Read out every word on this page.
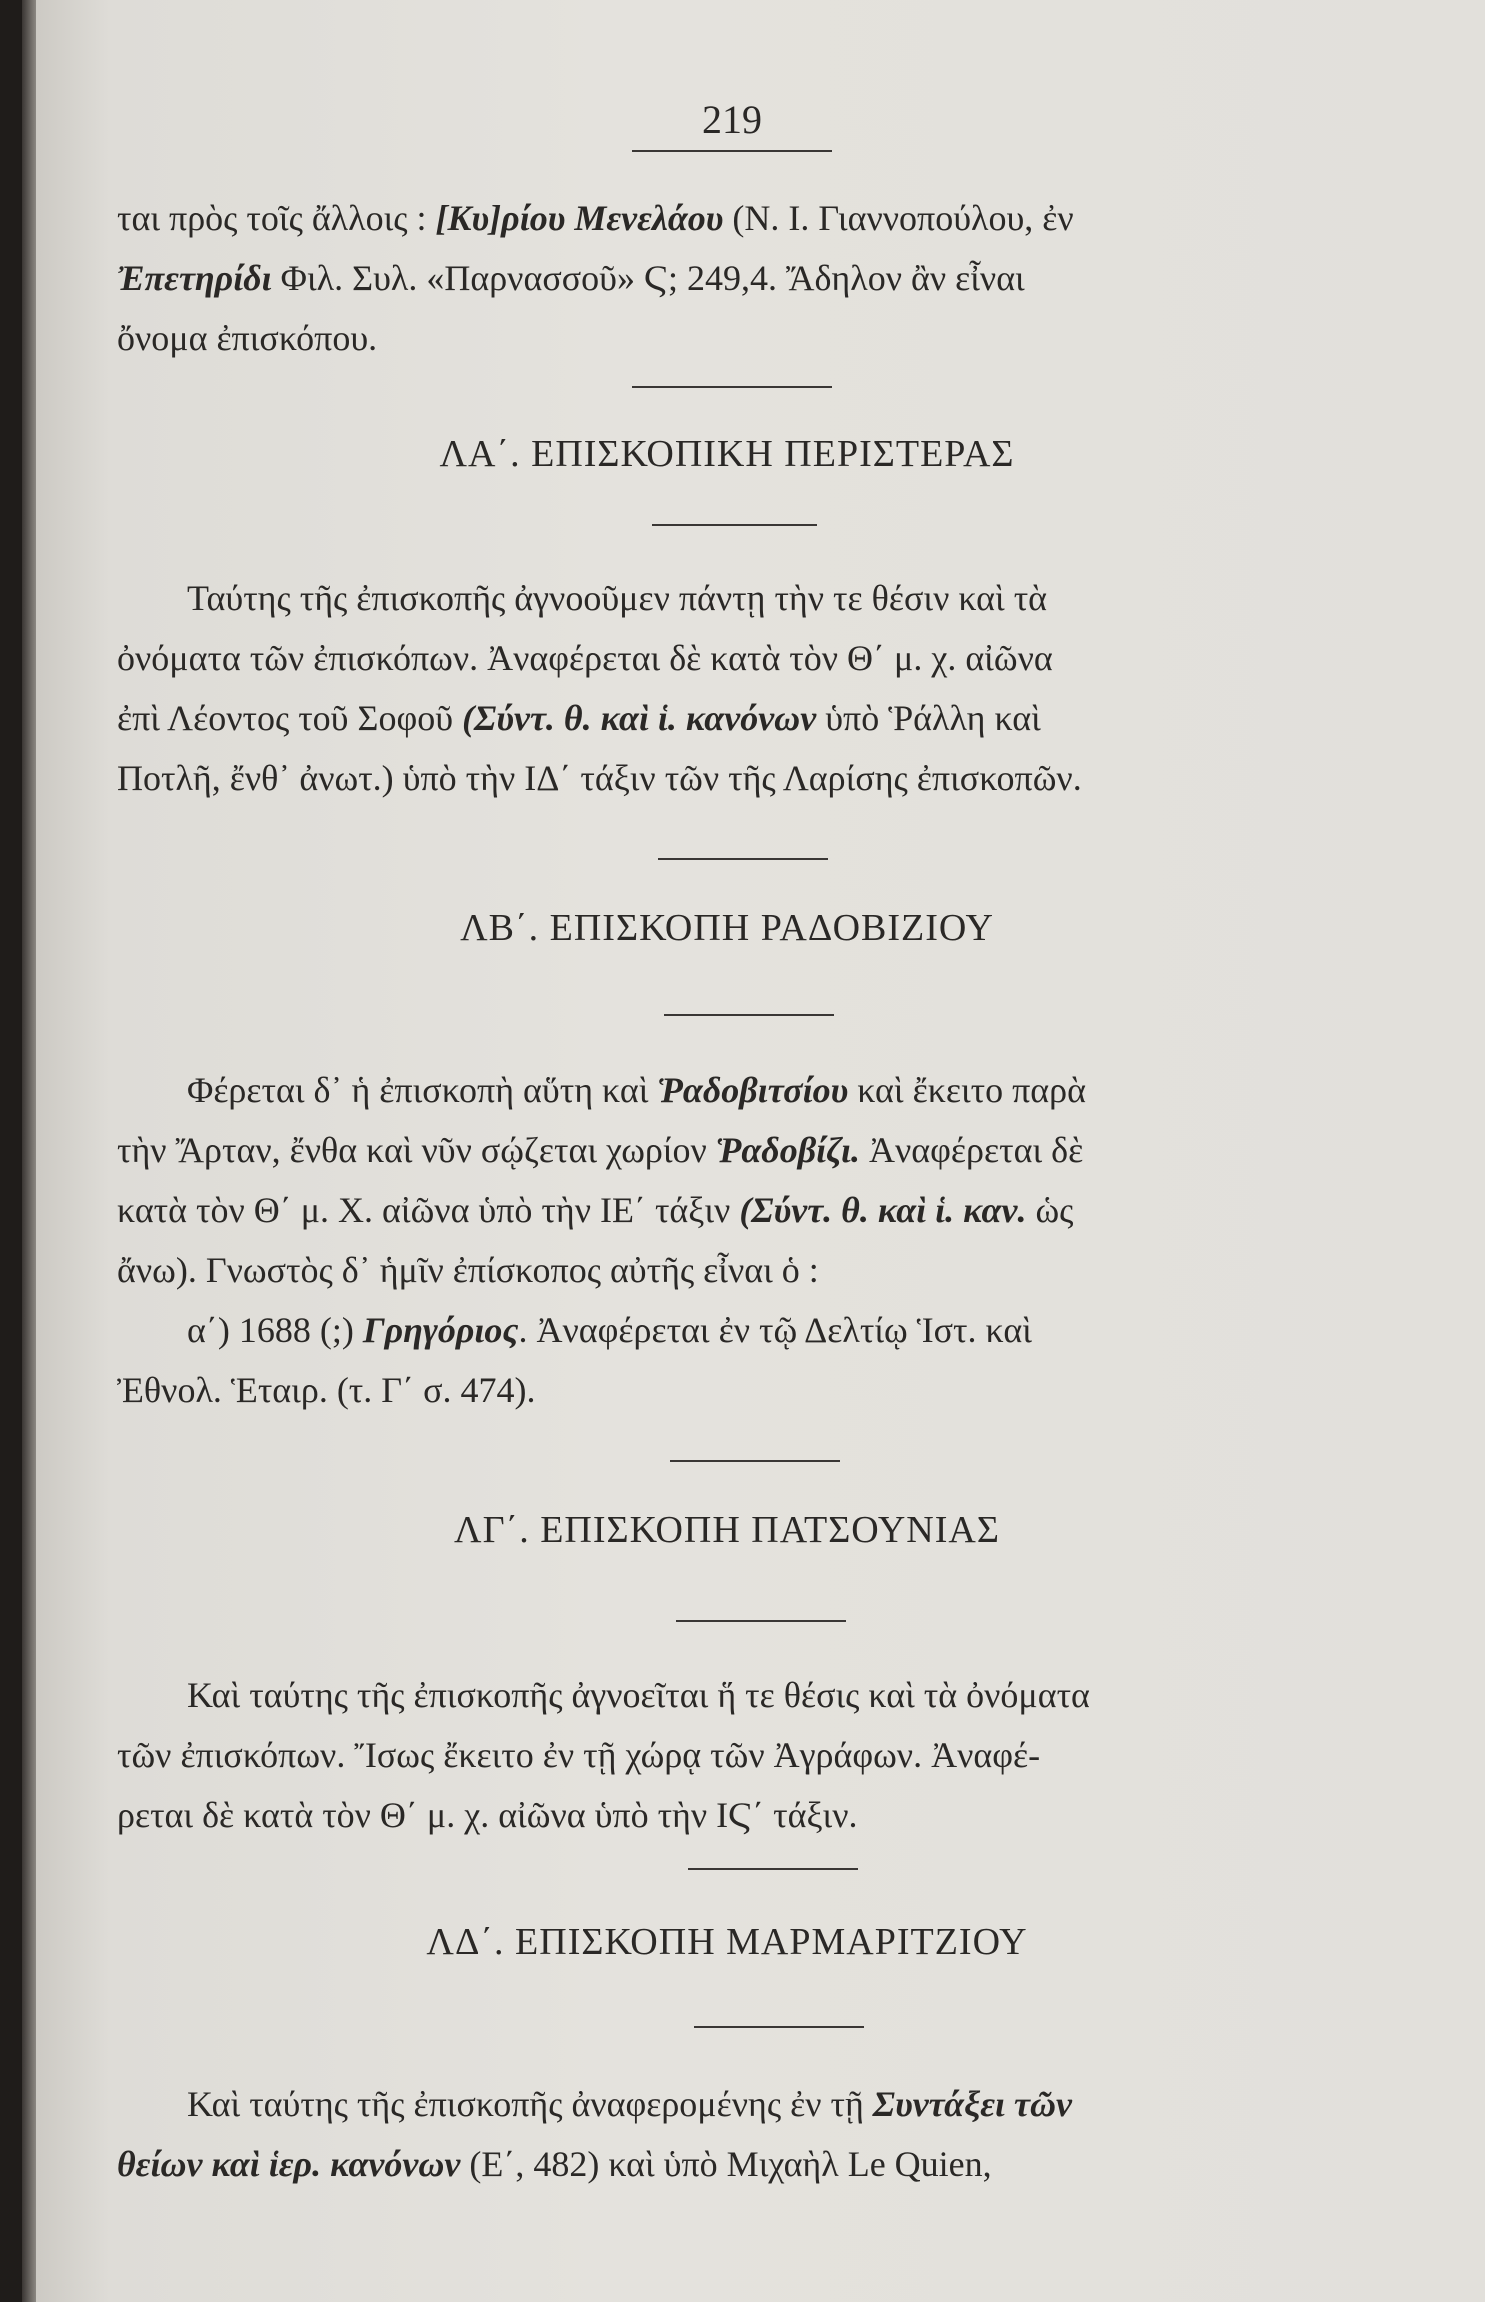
219
ται πρὸς τοῖς ἄλλοις : [Κυ]ρίου Μενελάου (Ν. Ι. Γιαννοπούλου, ἐν
Ἐπετηρίδι Φιλ. Συλ. «Παρνασσοῦ» Ϛ; 249,4. Ἄδηλον ἂν εἶναι
ὄνομα ἐπισκόπου.
ΛΑ΄. ΕΠΙΣΚΟΠΙΚΗ ΠΕΡΙΣΤΕΡΑΣ
Ταύτης τῆς ἐπισκοπῆς ἀγνοοῦμεν πάντῃ τὴν τε θέσιν καὶ τὰ
ὀνόματα τῶν ἐπισκόπων. Ἀναφέρεται δὲ κατὰ τὸν Θ΄ μ. χ. αἰῶνα
ἐπὶ Λέοντος τοῦ Σοφοῦ (Σύντ. θ. καὶ ἱ. κανόνων ὑπὸ Ῥάλλη καὶ
Ποτλῆ, ἔνθ᾽ ἀνωτ.) ὑπὸ τὴν ΙΔ΄ τάξιν τῶν τῆς Λαρίσης ἐπισκοπῶν.
ΛΒ΄. ΕΠΙΣΚΟΠΗ ΡΑΔΟΒΙΖΙΟΥ
Φέρεται δ᾽ ἡ ἐπισκοπὴ αὕτη καὶ Ῥαδοβιτσίου καὶ ἔκειτο παρὰ
τὴν Ἄρταν, ἔνθα καὶ νῦν σῴζεται χωρίον Ῥαδοβίζι. Ἀναφέρεται δὲ
κατὰ τὸν Θ΄ μ. Χ. αἰῶνα ὑπὸ τὴν ΙΕ΄ τάξιν (Σύντ. θ. καὶ ἱ. καν. ὡς
ἄνω). Γνωστὸς δ᾽ ἡμῖν ἐπίσκοπος αὐτῆς εἶναι ὁ :
α΄) 1688 (;) Γρηγόριος. Ἀναφέρεται ἐν τῷ Δελτίῳ Ἱστ. καὶ
Ἐθνολ. Ἑταιρ. (τ. Γ΄ σ. 474).
ΛΓ΄. ΕΠΙΣΚΟΠΗ ΠΑΤΣΟΥΝΙΑΣ
Καὶ ταύτης τῆς ἐπισκοπῆς ἀγνοεῖται ἥ τε θέσις καὶ τὰ ὀνόματα
τῶν ἐπισκόπων. Ἴσως ἔκειτο ἐν τῇ χώρᾳ τῶν Ἀγράφων. Ἀναφέ-
ρεται δὲ κατὰ τὸν Θ΄ μ. χ. αἰῶνα ὑπὸ τὴν ΙϚ΄ τάξιν.
ΛΔ΄. ΕΠΙΣΚΟΠΗ ΜΑΡΜΑΡΙΤΖΙΟΥ
Καὶ ταύτης τῆς ἐπισκοπῆς ἀναφερομένης ἐν τῇ Συντάξει τῶν
θείων καὶ ἱερ. κανόνων (Ε΄, 482) καὶ ὑπὸ Μιχαὴλ Le Quien,
